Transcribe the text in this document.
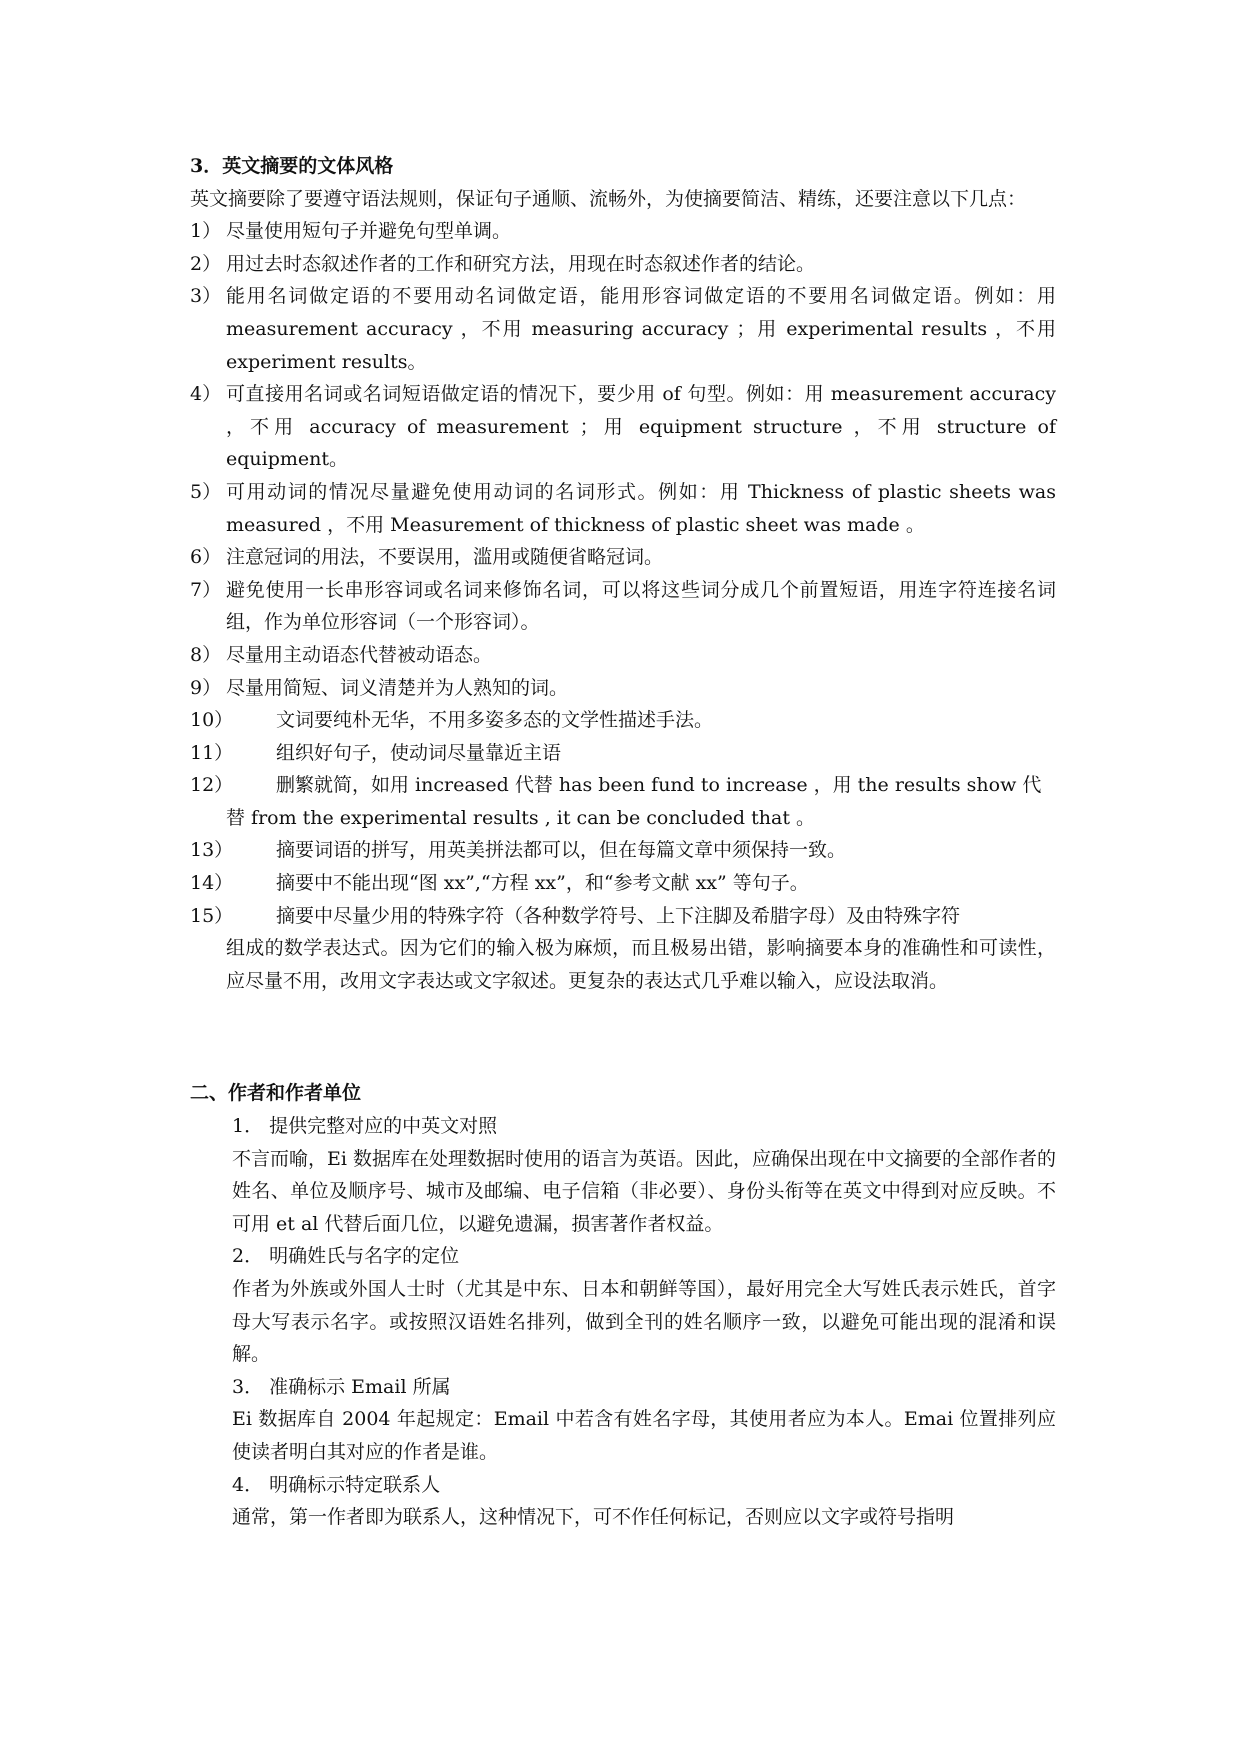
3．英文摘要的文体风格

英文摘要除了要遵守语法规则，保证句子通顺、流畅外，为使摘要简洁、精练，还要注意以下几点：

1） 尽量使用短句子并避免句型单调。
2） 用过去时态叙述作者的工作和研究方法，用现在时态叙述作者的结论。
3） 能用名词做定语的不要用动名词做定语，能用形容词做定语的不要用名词做定语。例如：用 measurement accuracy ，不用 measuring accuracy ；用 experimental results ，不用 experiment results。
4） 可直接用名词或名词短语做定语的情况下，要少用 of 句型。例如：用 measurement accuracy ，不用 accuracy of measurement ；用 equipment structure ，不用 structure of equipment。
5） 可用动词的情况尽量避免使用动词的名词形式。例如：用 Thickness of plastic sheets was measured ，不用 Measurement of thickness of plastic sheet was made 。
6） 注意冠词的用法，不要误用，滥用或随便省略冠词。
7） 避免使用一长串形容词或名词来修饰名词，可以将这些词分成几个前置短语，用连字符连接名词组，作为单位形容词（一个形容词）。
8） 尽量用主动语态代替被动语态。
9） 尽量用简短、词义清楚并为人熟知的词。
10） 文词要纯朴无华，不用多姿多态的文学性描述手法。
11） 组织好句子，使动词尽量靠近主语
12） 删繁就简，如用 increased 代替 has been fund to increase ，用 the results show 代
替 from the experimental results , it can be concluded that 。
13） 摘要词语的拼写，用英美拼法都可以，但在每篇文章中须保持一致。
14） 摘要中不能出现“图 xx”,“方程 xx”，和“参考文献 xx” 等句子。
15） 摘要中尽量少用的特殊字符（各种数学符号、上下注脚及希腊字母）及由特殊字符
组成的数学表达式。因为它们的输入极为麻烦，而且极易出错，影响摘要本身的准确性和可读性，应尽量不用，改用文字表达或文字叙述。更复杂的表达式几乎难以输入，应设法取消。

二、作者和作者单位

1． 提供完整对应的中英文对照

不言而喻，Ei 数据库在处理数据时使用的语言为英语。因此，应确保出现在中文摘要的全部作者的姓名、单位及顺序号、城市及邮编、电子信箱（非必要）、身份头衔等在英文中得到对应反映。不可用 et al 代替后面几位，以避免遗漏，损害著作者权益。

2． 明确姓氏与名字的定位

作者为外族或外国人士时（尤其是中东、日本和朝鲜等国），最好用完全大写姓氏表示姓氏，首字母大写表示名字。或按照汉语姓名排列，做到全刊的姓名顺序一致，以避免可能出现的混淆和误解。

3． 准确标示 Email 所属

Ei 数据库自 2004 年起规定：Email 中若含有姓名字母，其使用者应为本人。Emai 位置排列应使读者明白其对应的作者是谁。

4． 明确标示特定联系人

通常，第一作者即为联系人，这种情况下，可不作任何标记，否则应以文字或符号指明
